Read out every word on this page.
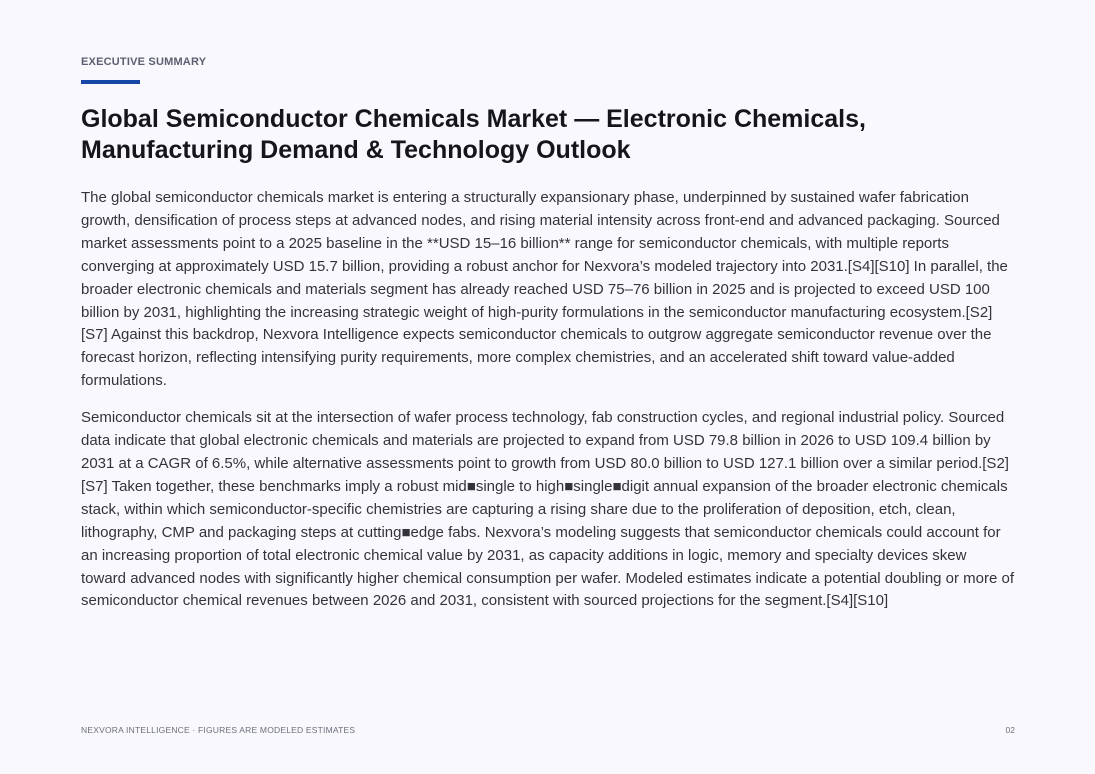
EXECUTIVE SUMMARY
Global Semiconductor Chemicals Market — Electronic Chemicals, Manufacturing Demand & Technology Outlook

The global semiconductor chemicals market is entering a structurally expansionary phase, underpinned by sustained wafer fabrication growth, densification of process steps at advanced nodes, and rising material intensity across front-end and advanced packaging. Sourced market assessments point to a 2025 baseline in the **USD 15–16 billion** range for semiconductor chemicals, with multiple reports converging at approximately USD 15.7 billion, providing a robust anchor for Nexvora’s modeled trajectory into 2031.[S4][S10] In parallel, the broader electronic chemicals and materials segment has already reached USD 75–76 billion in 2025 and is projected to exceed USD 100 billion by 2031, highlighting the increasing strategic weight of high-purity formulations in the semiconductor manufacturing ecosystem.[S2][S7] Against this backdrop, Nexvora Intelligence expects semiconductor chemicals to outgrow aggregate semiconductor revenue over the forecast horizon, reflecting intensifying purity requirements, more complex chemistries, and an accelerated shift toward value-added formulations.

Semiconductor chemicals sit at the intersection of wafer process technology, fab construction cycles, and regional industrial policy. Sourced data indicate that global electronic chemicals and materials are projected to expand from USD 79.8 billion in 2026 to USD 109.4 billion by 2031 at a CAGR of 6.5%, while alternative assessments point to growth from USD 80.0 billion to USD 127.1 billion over a similar period.[S2][S7] Taken together, these benchmarks imply a robust mid■single to high■single■digit annual expansion of the broader electronic chemicals stack, within which semiconductor-specific chemistries are capturing a rising share due to the proliferation of deposition, etch, clean, lithography, CMP and packaging steps at cutting■edge fabs. Nexvora’s modeling suggests that semiconductor chemicals could account for an increasing proportion of total electronic chemical value by 2031, as capacity additions in logic, memory and specialty devices skew toward advanced nodes with significantly higher chemical consumption per wafer. Modeled estimates indicate a potential doubling or more of semiconductor chemical revenues between 2026 and 2031, consistent with sourced projections for the segment.[S4][S10]

NEXVORA INTELLIGENCE · FIGURES ARE MODELED ESTIMATES	02
